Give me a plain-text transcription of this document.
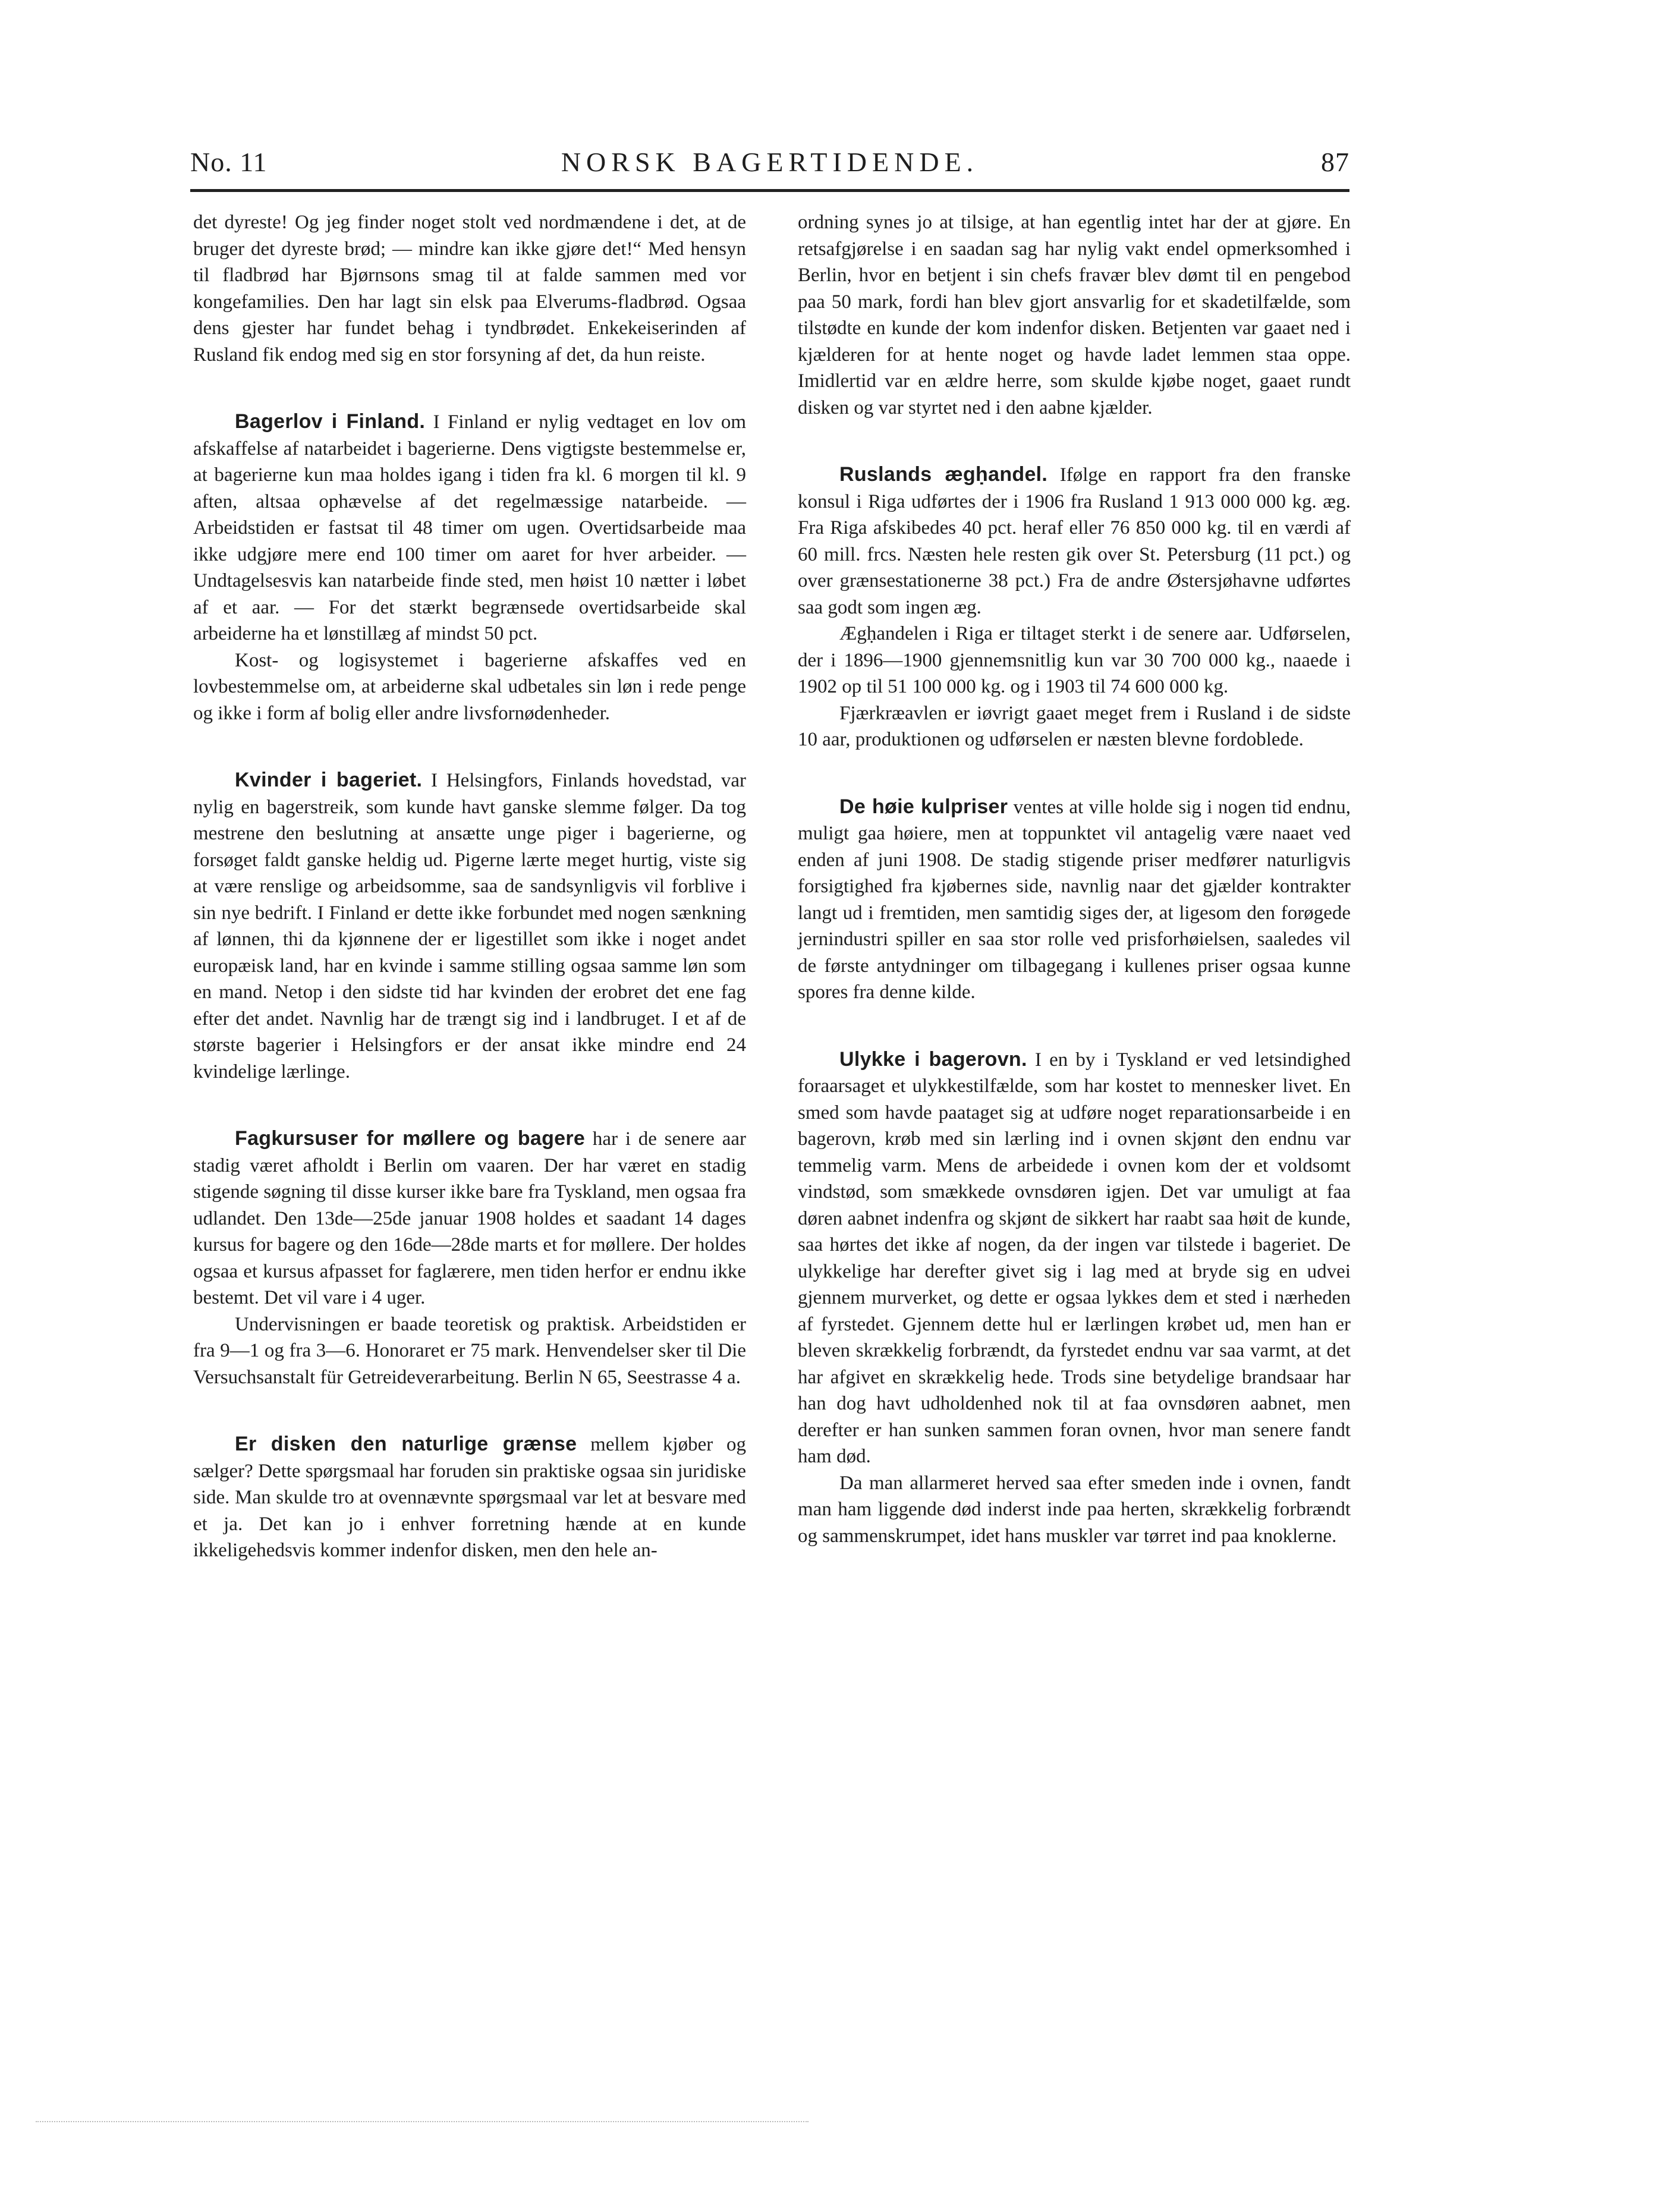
No. 11	NORSK BAGERTIDENDE.	87

det dyreste! Og jeg finder noget stolt ved nordmændene i det, at de bruger det dyreste brød; — mindre kan ikke gjøre det!“ Med hensyn til fladbrød har Bjørnsons smag til at falde sammen med vor kongefamilies. Den har lagt sin elsk paa Elverums-fladbrød. Ogsaa dens gjester har fundet behag i tyndbrødet. Enkekeiserinden af Rusland fik endog med sig en stor forsyning af det, da hun reiste.

Bagerlov i Finland. I Finland er nylig vedtaget en lov om afskaffelse af natarbeidet i bagerierne. Dens vigtigste bestemmelse er, at bagerierne kun maa holdes igang i tiden fra kl. 6 morgen til kl. 9 aften, altsaa ophævelse af det regelmæssige natarbeide. — Arbeidstiden er fastsat til 48 timer om ugen. Overtidsarbeide maa ikke udgjøre mere end 100 timer om aaret for hver arbeider. — Undtagelsesvis kan natarbeide finde sted, men høist 10 nætter i løbet af et aar. — For det stærkt begrænsede overtidsarbeide skal arbeiderne ha et lønstillæg af mindst 50 pct.

Kost- og logisystemet i bagerierne afskaffes ved en lovbestemmelse om, at arbeiderne skal udbetales sin løn i rede penge og ikke i form af bolig eller andre livsfornødenheder.

Kvinder i bageriet. I Helsingfors, Finlands hovedstad, var nylig en bagerstreik, som kunde havt ganske slemme følger. Da tog mestrene den beslutning at ansætte unge piger i bagerierne, og forsøget faldt ganske heldig ud. Pigerne lærte meget hurtig, viste sig at være renslige og arbeidsomme, saa de sandsynligvis vil forblive i sin nye bedrift. I Finland er dette ikke forbundet med nogen sænkning af lønnen, thi da kjønnene der er ligestillet som ikke i noget andet europæisk land, har en kvinde i samme stilling ogsaa samme løn som en mand. Netop i den sidste tid har kvinden der erobret det ene fag efter det andet. Navnlig har de trængt sig ind i landbruget. I et af de største bagerier i Helsingfors er der ansat ikke mindre end 24 kvindelige lærlinge.

Fagkursuser for møllere og bagere har i de senere aar stadig været afholdt i Berlin om vaaren. Der har været en stadig stigende søgning til disse kurser ikke bare fra Tyskland, men ogsaa fra udlandet. Den 13de—25de januar 1908 holdes et saadant 14 dages kursus for bagere og den 16de—28de marts et for møllere. Der holdes ogsaa et kursus afpasset for faglærere, men tiden herfor er endnu ikke bestemt. Det vil vare i 4 uger.

Undervisningen er baade teoretisk og praktisk. Arbeidstiden er fra 9—1 og fra 3—6. Honoraret er 75 mark. Henvendelser sker til Die Versuchsanstalt für Getreideverarbeitung. Berlin N 65, Seestrasse 4 a.

Er disken den naturlige grænse mellem kjøber og sælger? Dette spørgsmaal har foruden sin praktiske ogsaa sin juridiske side. Man skulde tro at ovennævnte spørgsmaal var let at besvare med et ja. Det kan jo i enhver forretning hænde at en kunde ikkeligehedsvis kommer indenfor disken, men den hele an-

ordning synes jo at tilsige, at han egentlig intet har der at gjøre. En retsafgjørelse i en saadan sag har nylig vakt endel opmerksomhed i Berlin, hvor en betjent i sin chefs fravær blev dømt til en pengebod paa 50 mark, fordi han blev gjort ansvarlig for et skadetilfælde, som tilstødte en kunde der kom indenfor disken. Betjenten var gaaet ned i kjælderen for at hente noget og havde ladet lemmen staa oppe. Imidlertid var en ældre herre, som skulde kjøbe noget, gaaet rundt disken og var styrtet ned i den aabne kjælder.

Ruslands ægḥandel. Ifølge en rapport fra den franske konsul i Riga udførtes der i 1906 fra Rusland 1 913 000 000 kg. æg. Fra Riga afskibedes 40 pct. heraf eller 76 850 000 kg. til en værdi af 60 mill. frcs. Næsten hele resten gik over St. Petersburg (11 pct.) og over grænsestationerne 38 pct.) Fra de andre Østersjøhavne udførtes saa godt som ingen æg.

Ægḥandelen i Riga er tiltaget sterkt i de senere aar. Udførselen, der i 1896—1900 gjennemsnitlig kun var 30 700 000 kg., naaede i 1902 op til 51 100 000 kg. og i 1903 til 74 600 000 kg.

Fjærkræavlen er iøvrigt gaaet meget frem i Rusland i de sidste 10 aar, produktionen og udførselen er næsten blevne fordoblede.

De høie kulpriser ventes at ville holde sig i nogen tid endnu, muligt gaa høiere, men at toppunktet vil antagelig være naaet ved enden af juni 1908. De stadig stigende priser medfører naturligvis forsigtighed fra kjøbernes side, navnlig naar det gjælder kontrakter langt ud i fremtiden, men samtidig siges der, at ligesom den forøgede jernindustri spiller en saa stor rolle ved prisforhøielsen, saaledes vil de første antydninger om tilbagegang i kullenes priser ogsaa kunne spores fra denne kilde.

Ulykke i bagerovn. I en by i Tyskland er ved letsindighed foraarsaget et ulykkestilfælde, som har kostet to mennesker livet. En smed som havde paataget sig at udføre noget reparationsarbeide i en bagerovn, krøb med sin lærling ind i ovnen skjønt den endnu var temmelig varm. Mens de arbeidede i ovnen kom der et voldsomt vindstød, som smækkede ovnsdøren igjen. Det var umuligt at faa døren aabnet indenfra og skjønt de sikkert har raabt saa høit de kunde, saa hørtes det ikke af nogen, da der ingen var tilstede i bageriet. De ulykkelige har derefter givet sig i lag med at bryde sig en udvei gjennem murverket, og dette er ogsaa lykkes dem et sted i nærheden af fyrstedet. Gjennem dette hul er lærlingen krøbet ud, men han er bleven skrækkelig forbrændt, da fyrstedet endnu var saa varmt, at det har afgivet en skrækkelig hede. Trods sine betydelige brandsaar har han dog havt udholdenhed nok til at faa ovnsdøren aabnet, men derefter er han sunken sammen foran ovnen, hvor man senere fandt ham død.

Da man allarmeret herved saa efter smeden inde i ovnen, fandt man ham liggende død inderst inde paa herten, skrækkelig forbrændt og sammenskrumpet, idet hans muskler var tørret ind paa knoklerne.
